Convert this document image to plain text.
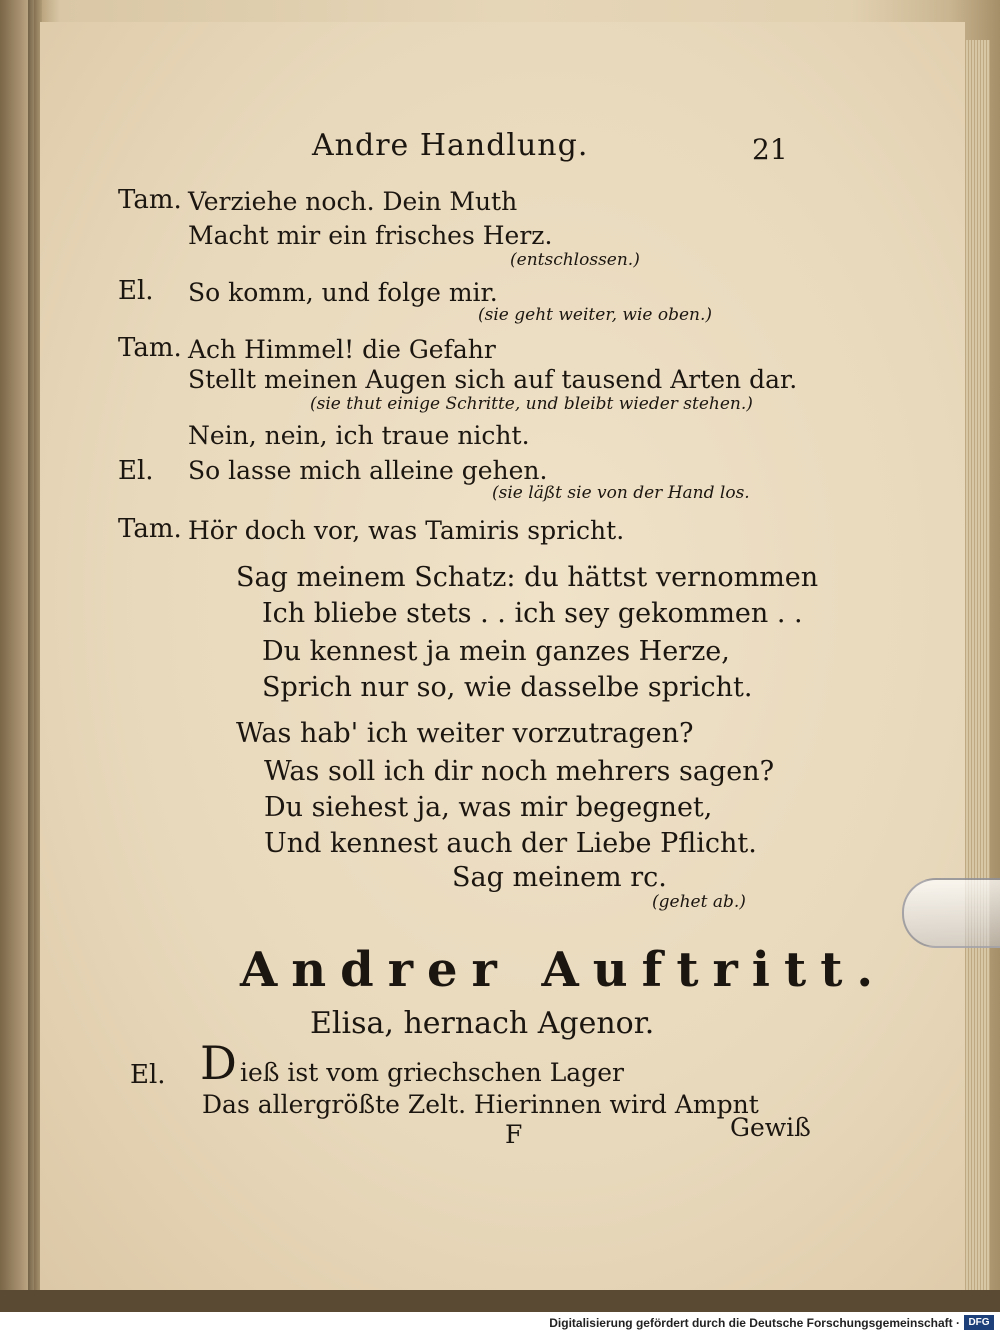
Andre Handlung.	21
Tam. Verziehe noch. Dein Muth
Macht mir ein frisches Herz.
(entschlossen.)
El. So komm, und folge mir.
(sie geht weiter, wie oben.)
Tam. Ach Himmel! die Gefahr
Stellt meinen Augen sich auf tausend Arten dar.
(sie thut einige Schritte, und bleibt wieder stehen.)
Nein, nein, ich traue nicht.
El. So lasse mich alleine gehen.
(sie läßt sie von der Hand los.
Tam. Hör doch vor, was Tamiris spricht.
Sag meinem Schatz: du hättst vernommen
Ich bliebe stets . . ich sey gekommen . .
Du kennest ja mein ganzes Herze,
Sprich nur so, wie dasselbe spricht.
Was hab' ich weiter vorzutragen?
Was soll ich dir noch mehrers sagen?
Du siehest ja, was mir begegnet,
Und kennest auch der Liebe Pflicht.
Sag meinem rc.
(gehet ab.)
Andrer Auftritt.
Elisa, hernach Agenor.
El. D ieß ist vom griechschen Lager
Das allergrößte Zelt. Hierinnen wird Ampnt
F	Gewiß
Digitalisierung gefördert durch die Deutsche Forschungsgemeinschaft · DFG
